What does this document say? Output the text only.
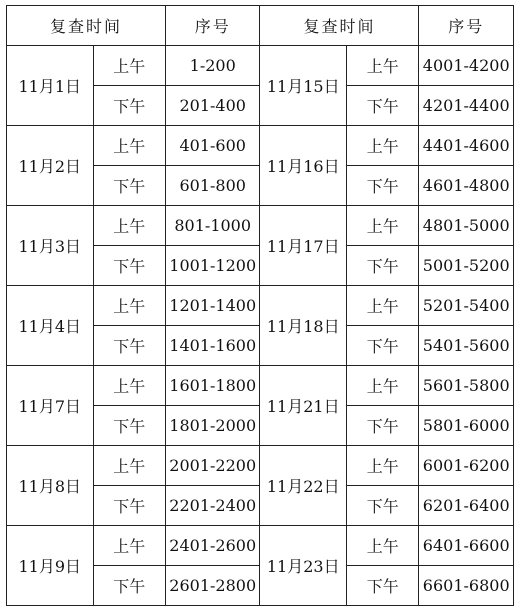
复查时间		序号	复查时间		序号
11月1日	上午	1-200	11月15日	上午	4001-4200
	下午	201-400		下午	4201-4400
11月2日	上午	401-600	11月16日	上午	4401-4600
	下午	601-800		下午	4601-4800
11月3日	上午	801-1000	11月17日	上午	4801-5000
	下午	1001-1200		下午	5001-5200
11月4日	上午	1201-1400	11月18日	上午	5201-5400
	下午	1401-1600		下午	5401-5600
11月7日	上午	1601-1800	11月21日	上午	5601-5800
	下午	1801-2000		下午	5801-6000
11月8日	上午	2001-2200	11月22日	上午	6001-6200
	下午	2201-2400		下午	6201-6400
11月9日	上午	2401-2600	11月23日	上午	6401-6600
	下午	2601-2800		下午	6601-6800
